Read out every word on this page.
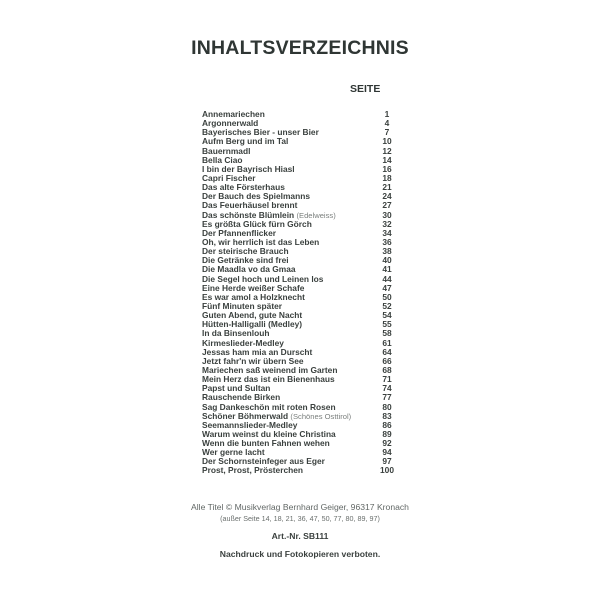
INHALTSVERZEICHNIS
SEITE
Annemariechen	1
Argonnerwald	4
Bayerisches Bier - unser Bier	7
Aufm Berg und im Tal	10
Bauernmadl	12
Bella Ciao	14
I bin der Bayrisch Hiasl	16
Capri Fischer	18
Das alte Försterhaus	21
Der Bauch des Spielmanns	24
Das Feuerhäusel brennt	27
Das schönste Blümlein (Edelweiss)	30
Es größta Glück fürn Görch	32
Der Pfannenflicker	34
Oh, wir herrlich ist das Leben	36
Der steirische Brauch	38
Die Getränke sind frei	40
Die Maadla vo da Gmaa	41
Die Segel hoch und Leinen los	44
Eine Herde weißer Schafe	47
Es war amol a Holzknecht	50
Fünf Minuten später	52
Guten Abend, gute Nacht	54
Hütten-Halligalli (Medley)	55
In da Binsenlouh	58
Kirmeslieder-Medley	61
Jessas ham mia an Durscht	64
Jetzt fahr'n wir übern See	66
Mariechen saß weinend im Garten	68
Mein Herz das ist ein Bienenhaus	71
Papst und Sultan	74
Rauschende Birken	77
Sag Dankeschön mit roten Rosen	80
Schöner Böhmerwald (Schönes Osttirol)	83
Seemannslieder-Medley	86
Warum weinst du kleine Christina	89
Wenn die bunten Fahnen wehen	92
Wer gerne lacht	94
Der Schornsteinfeger aus Eger	97
Prost, Prost, Prösterchen	100
Alle Titel © Musikverlag Bernhard Geiger, 96317 Kronach
(außer Seite 14, 18, 21, 36, 47, 50, 77, 80, 89, 97)
Art.-Nr. SB111
Nachdruck und Fotokopieren verboten.
